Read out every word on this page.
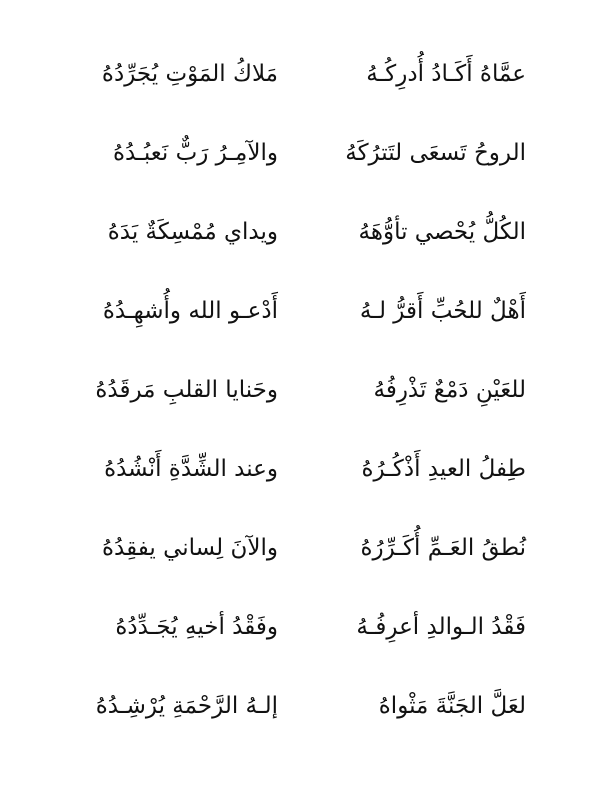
عمَّاهُ أَكَـادُ أُدرِكُـهُ
مَلاكُ المَوْتِ يُجَرِّدُهُ
الروحُ تَسعَى لتَترُكَهُ
والآمِـرُ رَبٌّ نَعبُـدُهُ
الكُلُّ يُحْصي تأوُّهَهُ
ويداي مُمْسِكَةٌ يَدَهُ
أَهْلٌ للحُبِّ أَقرُّ لـهُ
أَدْعـو الله وأُشهِـدُهُ
للعَيْنِ دَمْعٌ تَذْرِفُهُ
وحَنايا القلبِ مَرقَدُهُ
طِفلُ العيدِ أَذْكُـرُهُ
وعند الشِّدَّةِ أَنْشُدُهُ
نُطقُ العَـمِّ أُكَـرِّرُهُ
والآنَ لِساني يفقِدُهُ
فَقْدُ الـوالدِ أعرِفُـهُ
وفَقْدُ أخيهِ يُجَـدِّدُهُ
لعَلَّ الجَنَّةَ مَثْواهُ
إلـهُ الرَّحْمَةِ يُرْشِـدُهُ
